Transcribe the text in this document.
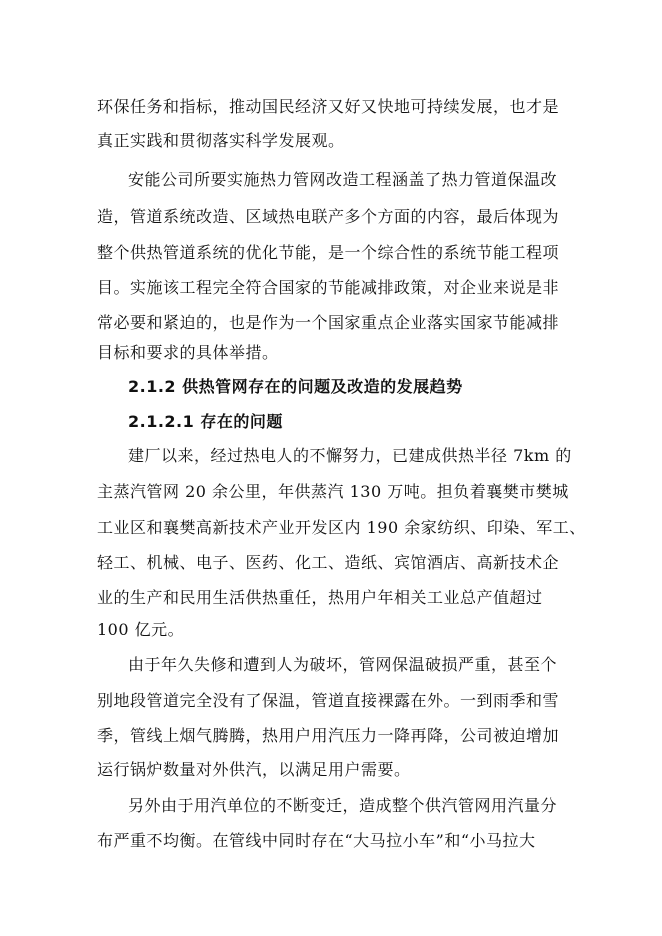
环保任务和指标，推动国民经济又好又快地可持续发展，也才是
真正实践和贯彻落实科学发展观。
安能公司所要实施热力管网改造工程涵盖了热力管道保温改
造，管道系统改造、区域热电联产多个方面的内容，最后体现为
整个供热管道系统的优化节能，是一个综合性的系统节能工程项
目。实施该工程完全符合国家的节能减排政策，对企业来说是非
常必要和紧迫的，也是作为一个国家重点企业落实国家节能减排
目标和要求的具体举措。
2.1.2 供热管网存在的问题及改造的发展趋势
2.1.2.1 存在的问题
建厂以来，经过热电人的不懈努力，已建成供热半径 7km 的
主蒸汽管网 20 余公里，年供蒸汽 130 万吨。担负着襄樊市樊城
工业区和襄樊高新技术产业开发区内 190 余家纺织、印染、军工、
轻工、机械、电子、医药、化工、造纸、宾馆酒店、高新技术企
业的生产和民用生活供热重任，热用户年相关工业总产值超过
100 亿元。
由于年久失修和遭到人为破坏，管网保温破损严重，甚至个
别地段管道完全没有了保温，管道直接裸露在外。一到雨季和雪
季，管线上烟气腾腾，热用户用汽压力一降再降，公司被迫增加
运行锅炉数量对外供汽，以满足用户需要。
另外由于用汽单位的不断变迁，造成整个供汽管网用汽量分
布严重不均衡。在管线中同时存在“大马拉小车”和“小马拉大
